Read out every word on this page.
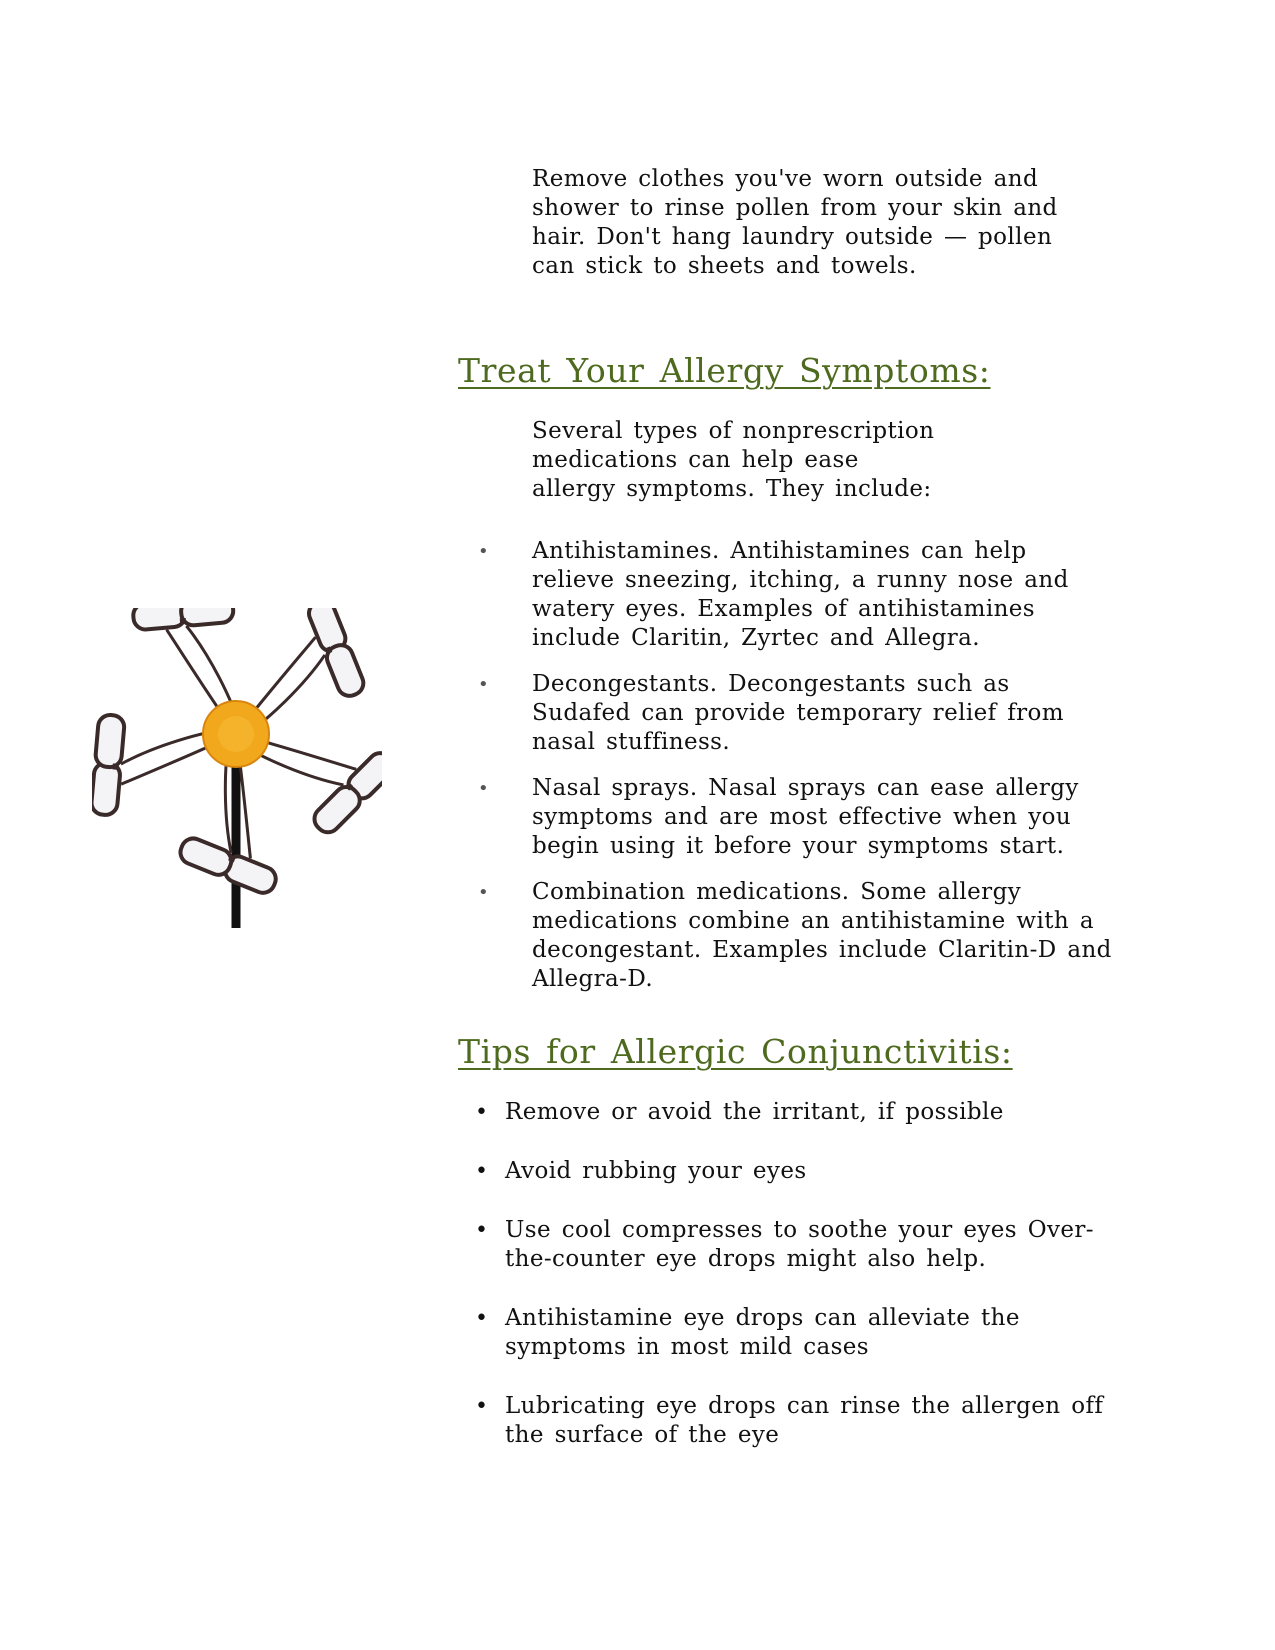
Remove clothes you've worn outside and shower to rinse pollen from your skin and hair. Don't hang laundry outside — pollen can stick to sheets and towels.
Treat Your Allergy Symptoms:
Several types of nonprescription medications can help ease allergy symptoms. They include:
• Antihistamines. Antihistamines can help relieve sneezing, itching, a runny nose and watery eyes. Examples of antihistamines include Claritin, Zyrtec and Allegra.
• Decongestants. Decongestants such as Sudafed can provide temporary relief from nasal stuffiness.
• Nasal sprays. Nasal sprays can ease allergy symptoms and are most effective when you begin using it before your symptoms start.
• Combination medications. Some allergy medications combine an antihistamine with a decongestant. Examples include Claritin-D and Allegra-D.
Tips for Allergic Conjunctivitis:
• Remove or avoid the irritant, if possible
• Avoid rubbing your eyes
• Use cool compresses to soothe your eyes Over-the-counter eye drops might also help.
• Antihistamine eye drops can alleviate the symptoms in most mild cases
• Lubricating eye drops can rinse the allergen off the surface of the eye
